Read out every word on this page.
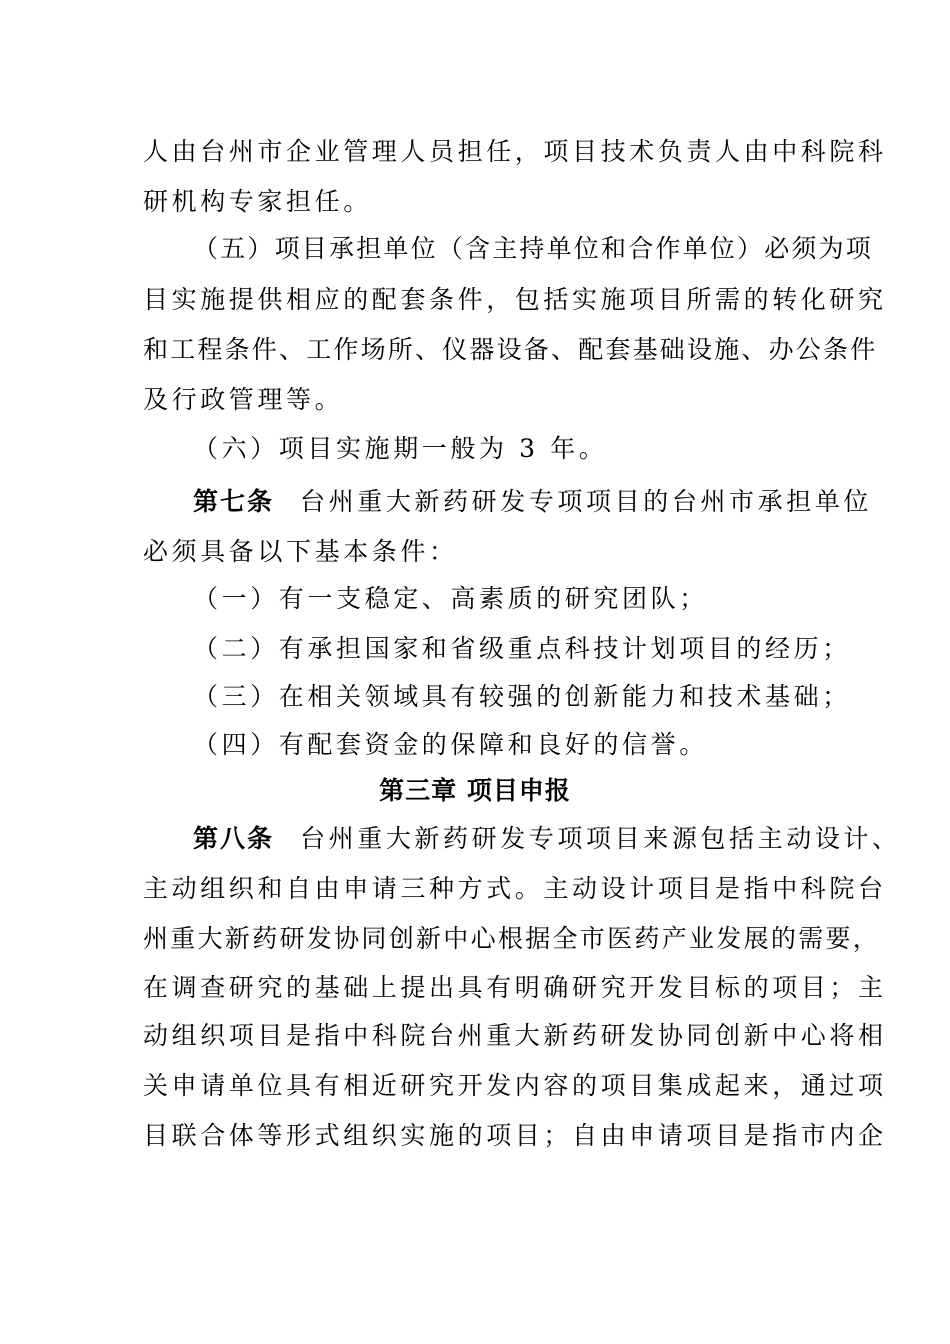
人由台州市企业管理人员担任，项目技术负责人由中科院科
研机构专家担任。
（五）项目承担单位（含主持单位和合作单位）必须为项
目实施提供相应的配套条件，包括实施项目所需的转化研究
和工程条件、工作场所、仪器设备、配套基础设施、办公条件
及行政管理等。
（六）项目实施期一般为 3 年。
第七条 台州重大新药研发专项项目的台州市承担单位
必须具备以下基本条件：
（一）有一支稳定、高素质的研究团队；
（二）有承担国家和省级重点科技计划项目的经历；
（三）在相关领域具有较强的创新能力和技术基础；
（四）有配套资金的保障和良好的信誉。
第三章 项目申报
第八条 台州重大新药研发专项项目来源包括主动设计、
主动组织和自由申请三种方式。主动设计项目是指中科院台
州重大新药研发协同创新中心根据全市医药产业发展的需要，
在调查研究的基础上提出具有明确研究开发目标的项目；主
动组织项目是指中科院台州重大新药研发协同创新中心将相
关申请单位具有相近研究开发内容的项目集成起来，通过项
目联合体等形式组织实施的项目；自由申请项目是指市内企
